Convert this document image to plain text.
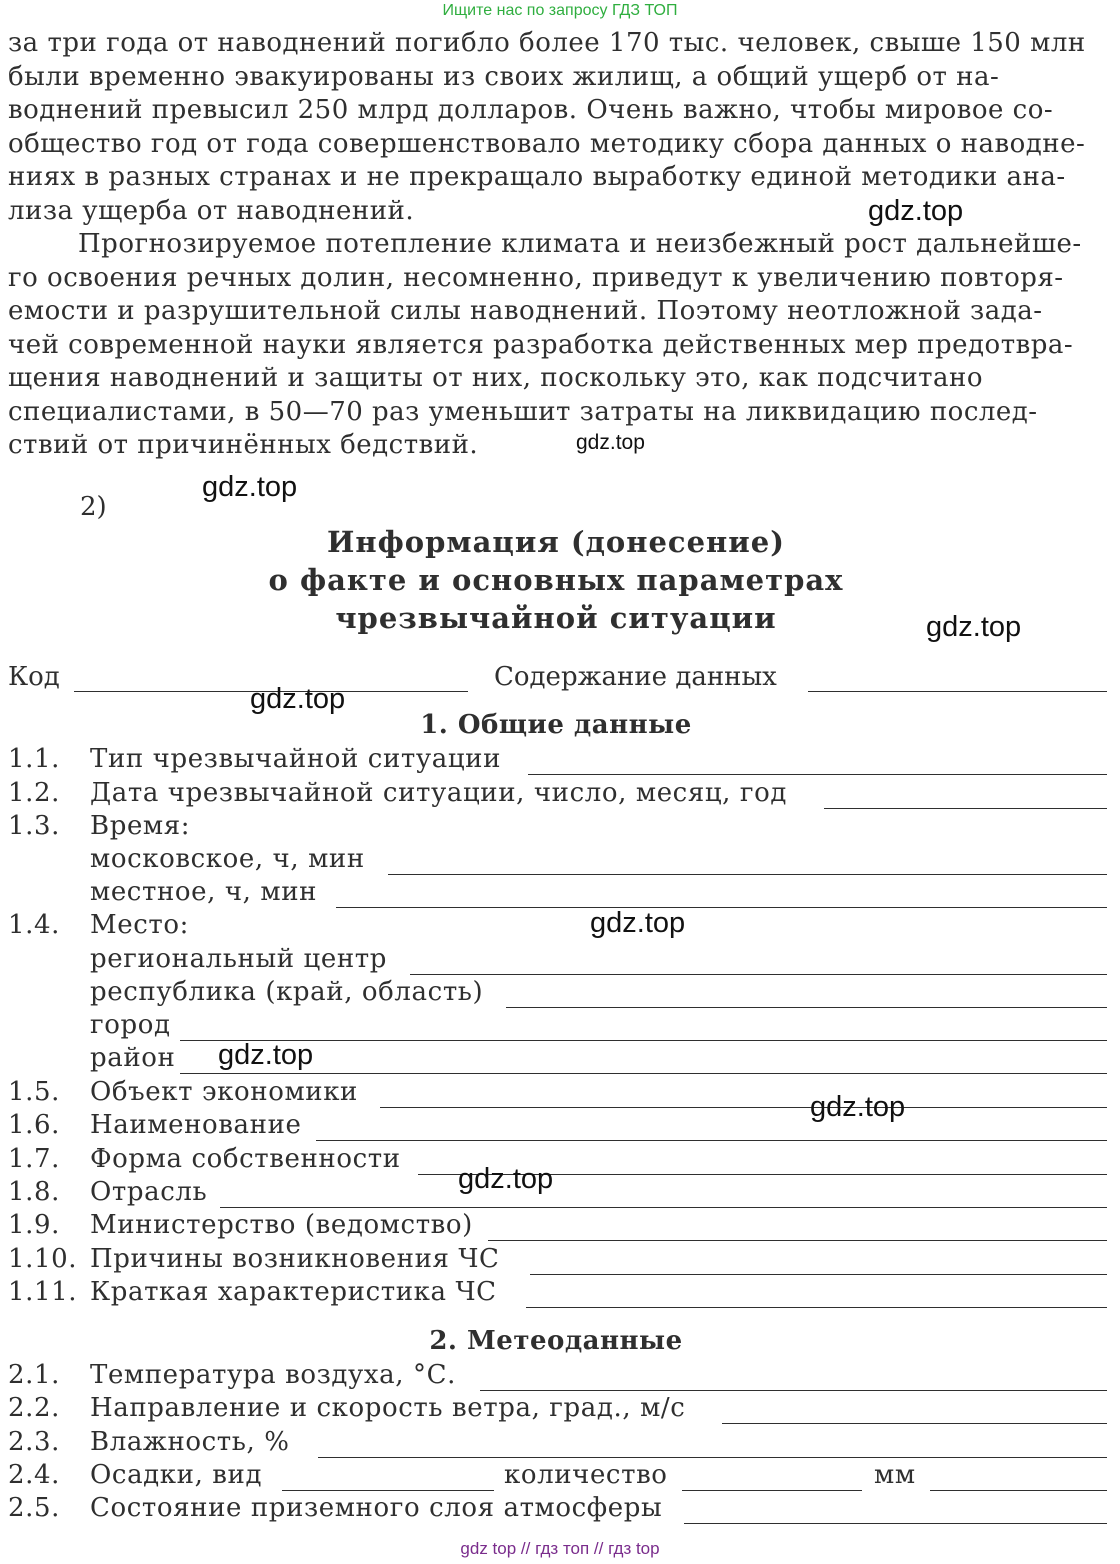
Ищите нас по запросу ГДЗ ТОП
за три года от наводнений погибло более 170 тыс. человек, свыше 150 млн
были временно эвакуированы из своих жилищ, а общий ущерб от на-
воднений превысил 250 млрд долларов. Очень важно, чтобы мировое со-
общество год от года совершенствовало методику сбора данных о наводне-
ниях в разных странах и не прекращало выработку единой методики ана-
лиза ущерба от наводнений.
Прогнозируемое потепление климата и неизбежный рост дальнейше-
го освоения речных долин, несомненно, приведут к увеличению повторя-
емости и разрушительной силы наводнений. Поэтому неотложной зада-
чей современной науки является разработка действенных мер предотвра-
щения наводнений и защиты от них, поскольку это, как подсчитано
специалистами, в 50—70 раз уменьшит затраты на ликвидацию послед-
ствий от причинённых бедствий.
2)
Информация (донесение)
о факте и основных параметрах
чрезвычайной ситуации
Код	Содержание данных
1. Общие данные
1.1. Тип чрезвычайной ситуации
1.2. Дата чрезвычайной ситуации, число, месяц, год
1.3. Время:
московское, ч, мин
местное, ч, мин
1.4. Место:
региональный центр
республика (край, область)
город
район
1.5. Объект экономики
1.6. Наименование
1.7. Форма собственности
1.8. Отрасль
1.9. Министерство (ведомство)
1.10. Причины возникновения ЧС
1.11. Краткая характеристика ЧС
2. Метеоданные
2.1. Температура воздуха, °С.
2.2. Направление и скорость ветра, град., м/с
2.3. Влажность, %
2.4. Осадки, вид	количество	мм
2.5. Состояние приземного слоя атмосферы
gdz.top
gdz.top
gdz.top
gdz.top
gdz.top
gdz.top
gdz.top
gdz.top
gdz.top
gdz top // гдз топ // гдз top
